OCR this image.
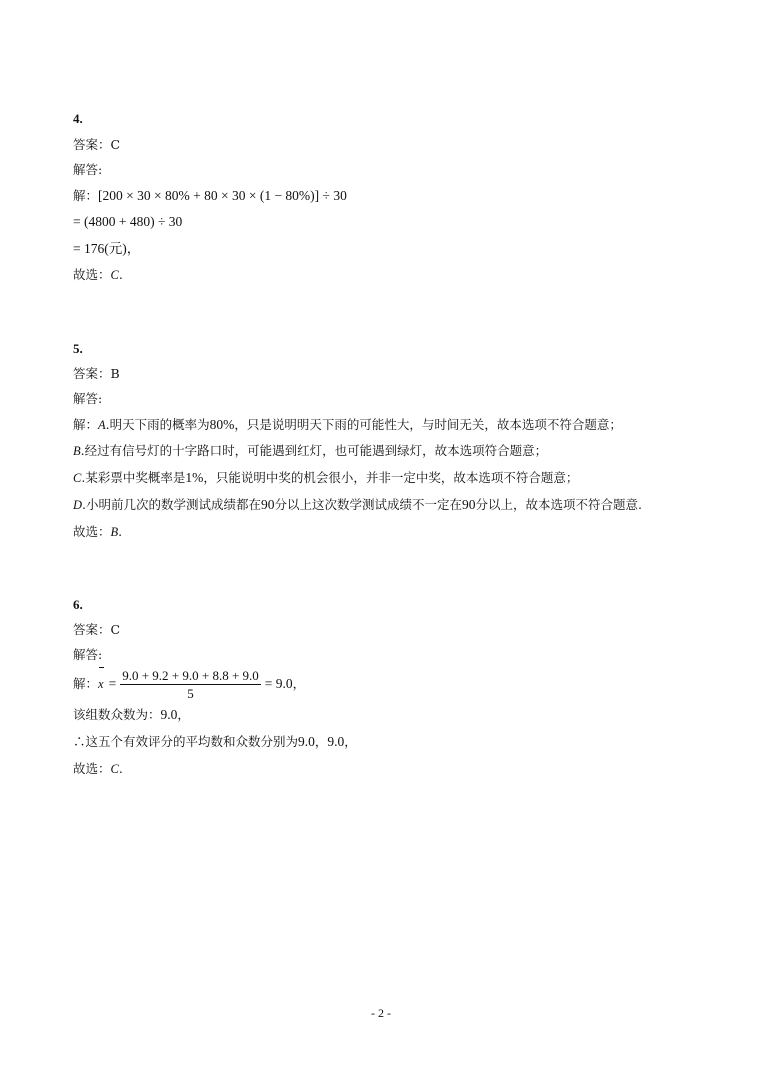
4.
答案：C
解答:
解：[200 × 30 × 80% + 80 × 30 × (1 − 80%)] ÷ 30
= (4800 + 480) ÷ 30
= 176(元)，
故选：C.
5.
答案：B
解答:
解：A.明天下雨的概率为80%，只是说明明天下雨的可能性大，与时间无关，故本选项不符合题意；
B.经过有信号灯的十字路口时，可能遇到红灯，也可能遇到绿灯，故本选项符合题意；
C.某彩票中奖概率是1%，只能说明中奖的机会很小，并非一定中奖，故本选项不符合题意；
D.小明前几次的数学测试成绩都在90分以上这次数学测试成绩不一定在90分以上，故本选项不符合题意.
故选：B.
6.
答案：C
解答:
解：$x = \frac{9.0 + 9.2 + 9.0 + 8.8 + 9.0}{5} = 9.0$，
该组数众数为：9.0，
∴这五个有效评分的平均数和众数分别为9.0，9.0，
故选：C.
- 2 -
